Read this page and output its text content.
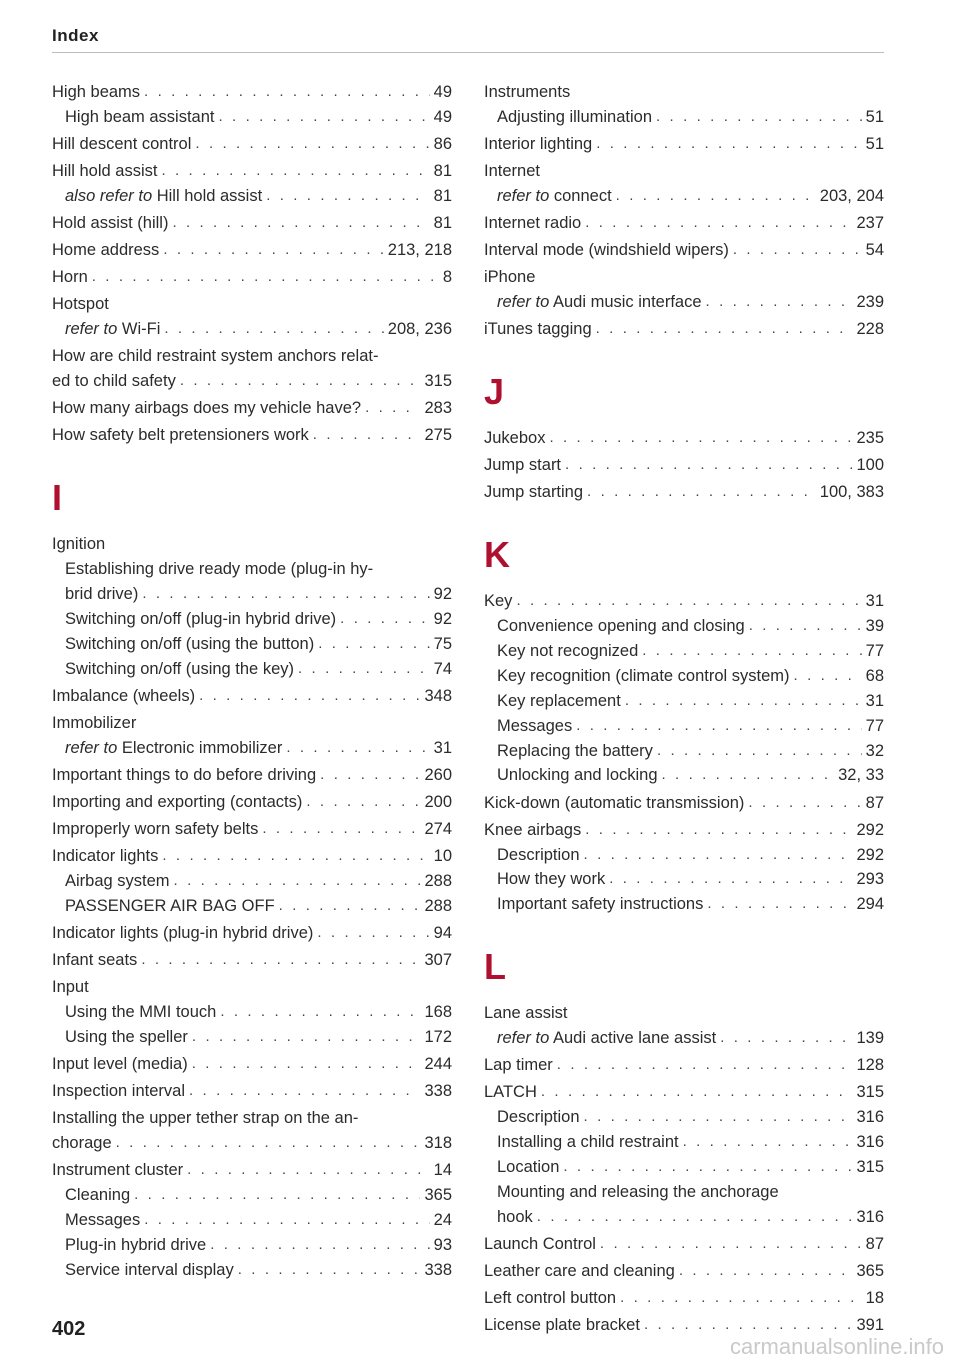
Index
High beams . . .	49
High beam assistant . . .	49
Hill descent control . . .	86
Hill hold assist . . .	81
also refer to Hill hold assist . . .	81
Hold assist (hill) . . .	81
Home address . . .	213, 218
Horn . . .	8
Hotspot
refer to Wi-Fi . . .	208, 236
How are child restraint system anchors relat-
ed to child safety . . .	315
How many airbags does my vehicle have? . . .	283
How safety belt pretensioners work . . .	275
I
Ignition
Establishing drive ready mode (plug-in hy-
brid drive) . . .	92
Switching on/off (plug-in hybrid drive) . . .	92
Switching on/off (using the button) . . .	75
Switching on/off (using the key) . . .	74
Imbalance (wheels) . . .	348
Immobilizer
refer to Electronic immobilizer . . .	31
Important things to do before driving . . .	260
Importing and exporting (contacts) . . .	200
Improperly worn safety belts . . .	274
Indicator lights . . .	10
Airbag system . . .	288
PASSENGER AIR BAG OFF . . .	288
Indicator lights (plug-in hybrid drive) . . .	94
Infant seats . . .	307
Input
Using the MMI touch . . .	168
Using the speller . . .	172
Input level (media) . . .	244
Inspection interval . . .	338
Installing the upper tether strap on the an-
chorage . . .	318
Instrument cluster . . .	14
Cleaning . . .	365
Messages . . .	24
Plug-in hybrid drive . . .	93
Service interval display . . .	338
Instruments
Adjusting illumination . . .	51
Interior lighting . . .	51
Internet
refer to connect . . .	203, 204
Internet radio . . .	237
Interval mode (windshield wipers) . . .	54
iPhone
refer to Audi music interface . . .	239
iTunes tagging . . .	228
J
Jukebox . . .	235
Jump start . . .	100
Jump starting . . .	100, 383
K
Key . . .	31
Convenience opening and closing . . .	39
Key not recognized . . .	77
Key recognition (climate control system) . . .	68
Key replacement . . .	31
Messages . . .	77
Replacing the battery . . .	32
Unlocking and locking . . .	32, 33
Kick-down (automatic transmission) . . .	87
Knee airbags . . .	292
Description . . .	292
How they work . . .	293
Important safety instructions . . .	294
L
Lane assist
refer to Audi active lane assist . . .	139
Lap timer . . .	128
LATCH . . .	315
Description . . .	316
Installing a child restraint . . .	316
Location . . .	315
Mounting and releasing the anchorage
hook . . .	316
Launch Control . . .	87
Leather care and cleaning . . .	365
Left control button . . .	18
License plate bracket . . .	391
402
carmanualsonline.info
